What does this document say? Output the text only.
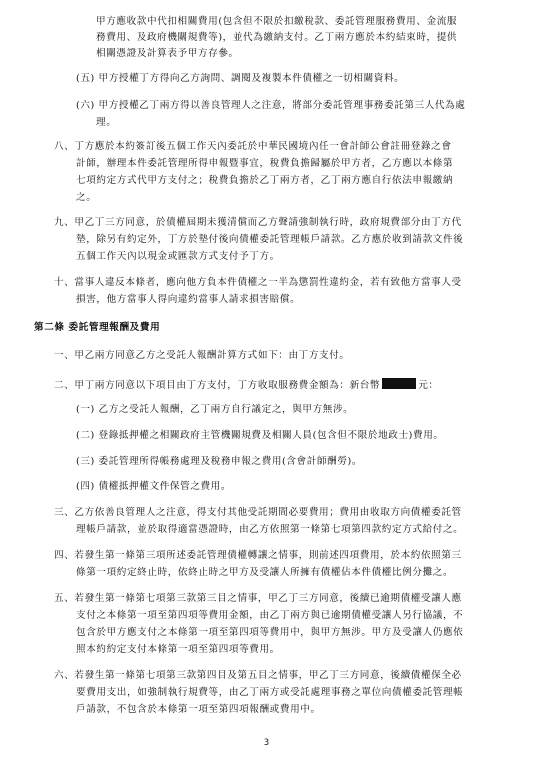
甲方應收款中代扣相關費用(包含但不限於扣繳稅款、委託管理服務費用、金流服
務費用、及政府機關規費等)，並代為繳納支付。乙丁兩方應於本約結束時，提供
相關憑證及計算表予甲方存參。
(五) 甲方授權丁方得向乙方詢問、調閱及複製本件債權之一切相關資料。
(六) 甲方授權乙丁兩方得以善良管理人之注意，將部分委託管理事務委託第三人代為處
理。
八、丁方應於本約簽訂後五個工作天內委託於中華民國境內任一會計師公會註冊登錄之會
計師，辦理本件委託管理所得申報暨事宜，稅費負擔歸屬於甲方者，乙方應以本條第
七項約定方式代甲方支付之；稅費負擔於乙丁兩方者，乙丁兩方應自行依法申報繳納
之。
九、甲乙丁三方同意，於債權屆期未獲清償而乙方聲請強制執行時，政府規費部分由丁方代
墊，除另有約定外，丁方於墊付後向債權委託管理帳戶請款。乙方應於收到請款文件後
五個工作天內以現金或匯款方式支付予丁方。
十、當事人違反本條者，應向他方負本件債權之一半為懲罰性違約金，若有致他方當事人受
損害，他方當事人得向違約當事人請求損害賠償。
第二條 委託管理報酬及費用
一、甲乙兩方同意乙方之受託人報酬計算方式如下：由丁方支付。
二、甲丁兩方同意以下項目由丁方支付，丁方收取服務費金額為：新台幣	元：
(一) 乙方之受託人報酬，乙丁兩方自行議定之，與甲方無涉。
(二) 登錄抵押權之相關政府主管機關規費及相關人員(包含但不限於地政士)費用。
(三) 委託管理所得帳務處理及稅務申報之費用(含會計師酬勞)。
(四) 債權抵押權文件保管之費用。
三、乙方依善良管理人之注意，得支付其他受託期間必要費用；費用由收取方向債權委託管
理帳戶請款，並於取得適當憑證時，由乙方依照第一條第七項第四款約定方式給付之。
四、若發生第一條第三項所述委託管理債權轉讓之情事，則前述四項費用，於本約依照第三
條第一項約定終止時，依終止時之甲方及受讓人所擁有債權佔本件債權比例分攤之。
五、若發生第一條第七項第三款第三目之情事，甲乙丁三方同意，後續已逾期債權受讓人應
支付之本條第一項至第四項等費用金額，由乙丁兩方與已逾期債權受讓人另行協議，不
包含於甲方應支付之本條第一項至第四項等費用中，與甲方無涉。甲方及受讓人仍應依
照本約約定支付本條第一項至第四項等費用。
六、若發生第一條第七項第三款第四目及第五目之情事，甲乙丁三方同意，後續債權保全必
要費用支出，如強制執行規費等，由乙丁兩方或受託處理事務之單位向債權委託管理帳
戶請款，不包含於本條第一項至第四項報酬或費用中。
3
